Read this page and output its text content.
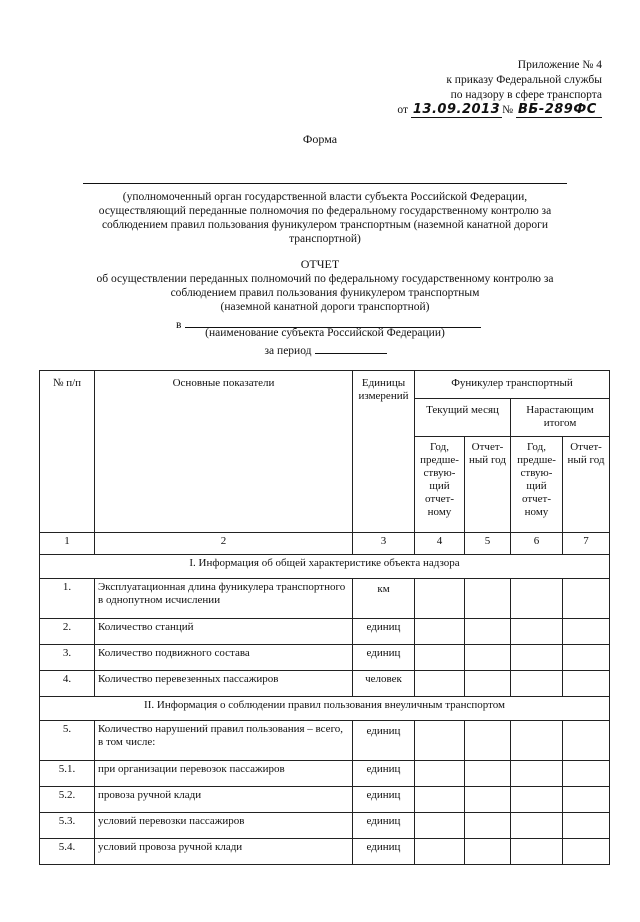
Приложение № 4
к приказу Федеральной службы
по надзору в сфере транспорта
от 13.09.2013 № ВБ-289ФС
Форма
(уполномоченный орган государственной власти субъекта Российской Федерации, осуществляющий переданные полномочия по федеральному государственному контролю за соблюдением правил пользования фуникулером транспортным (наземной канатной дороги транспортной)
ОТЧЕТ
об осуществлении переданных полномочий по федеральному государственному контролю за
соблюдением правил пользования фуникулером транспортным
(наземной канатной дороги транспортной)
в
(наименование субъекта Российской Федерации)
за период
№ п/п	Основные показатели	Единицы измерений	Фуникулер транспортный			
			Текущий месяц		Нарастающим итогом	
			Год, предше-ствую-щий отчет-ному	Отчет-ный год	Год, предше-ствую-щий отчет-ному	Отчет-ный год
1	2	3	4	5	6	7
I. Информация об общей характеристике объекта надзора						
1.	Эксплуатационная длина фуникулера транспортного в однопутном исчислении	км				
2.	Количество станций	единиц				
3.	Количество подвижного состава	единиц				
4.	Количество перевезенных пассажиров	человек				
II. Информация о соблюдении правил пользования внеуличным транспортом						
5.	Количество нарушений правил пользования – всего, в том числе:	единиц				
5.1.	при организации перевозок пассажиров	единиц				
5.2.	провоза ручной клади	единиц				
5.3.	условий перевозки пассажиров	единиц				
5.4.	условий провоза ручной клади	единиц				
